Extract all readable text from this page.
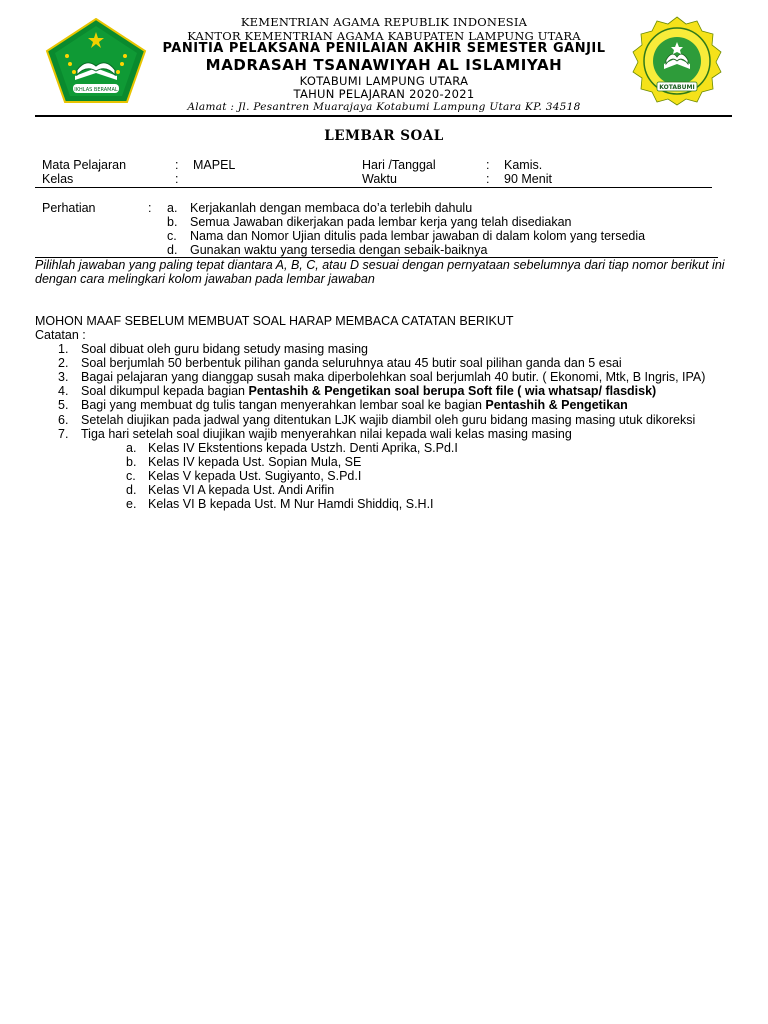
IKHLAS BERAMAL	KOTABUMI
KEMENTRIAN AGAMA REPUBLIK INDONESIA
KANTOR KEMENTRIAN AGAMA KABUPATEN LAMPUNG UTARA
PANITIA PELAKSANA PENILAIAN AKHIR SEMESTER GANJIL
MADRASAH TSANAWIYAH AL ISLAMIYAH
KOTABUMI LAMPUNG UTARA
TAHUN PELAJARAN 2020-2021
Alamat : Jl. Pesantren Muarajaya Kotabumi Lampung Utara KP. 34518
LEMBAR SOAL
Mata Pelajaran	: MAPEL	Hari /Tanggal	: Kamis.
Kelas	:	Waktu	: 90 Menit
Perhatian	: a. Kerjakanlah dengan membaca do’a terlebih dahulu
b. Semua Jawaban dikerjakan pada lembar kerja yang telah disediakan
c. Nama dan Nomor Ujian ditulis pada lembar jawaban di dalam kolom yang tersedia
d. Gunakan waktu yang tersedia dengan sebaik-baiknya
Pilihlah jawaban yang paling tepat diantara A, B, C, atau D sesuai dengan pernyataan sebelumnya dari tiap nomor berikut ini dengan cara melingkari kolom jawaban pada lembar jawaban
MOHON MAAF SEBELUM MEMBUAT SOAL HARAP MEMBACA CATATAN BERIKUT
Catatan :
1. Soal dibuat oleh guru bidang setudy masing masing
2. Soal berjumlah 50 berbentuk pilihan ganda seluruhnya atau 45 butir soal pilihan ganda dan 5 esai
3. Bagai pelajaran yang dianggap susah maka diperbolehkan soal berjumlah 40 butir. ( Ekonomi, Mtk, B Ingris, IPA)
4. Soal dikumpul kepada bagian Pentashih & Pengetikan soal berupa Soft file ( wia whatsap/ flasdisk)
5. Bagi yang membuat dg tulis tangan menyerahkan lembar soal ke bagian Pentashih & Pengetikan
6. Setelah diujikan pada jadwal yang ditentukan LJK wajib diambil oleh guru bidang masing masing utuk dikoreksi
7. Tiga hari setelah soal diujikan wajib menyerahkan nilai kepada wali kelas masing masing
a. Kelas IV Ekstentions kepada Ustzh. Denti Aprika, S.Pd.I
b. Kelas IV kepada Ust. Sopian Mula, SE
c. Kelas V kepada Ust. Sugiyanto, S.Pd.I
d. Kelas VI A kepada Ust. Andi Arifin
e. Kelas VI B kepada Ust. M Nur Hamdi Shiddiq, S.H.I
